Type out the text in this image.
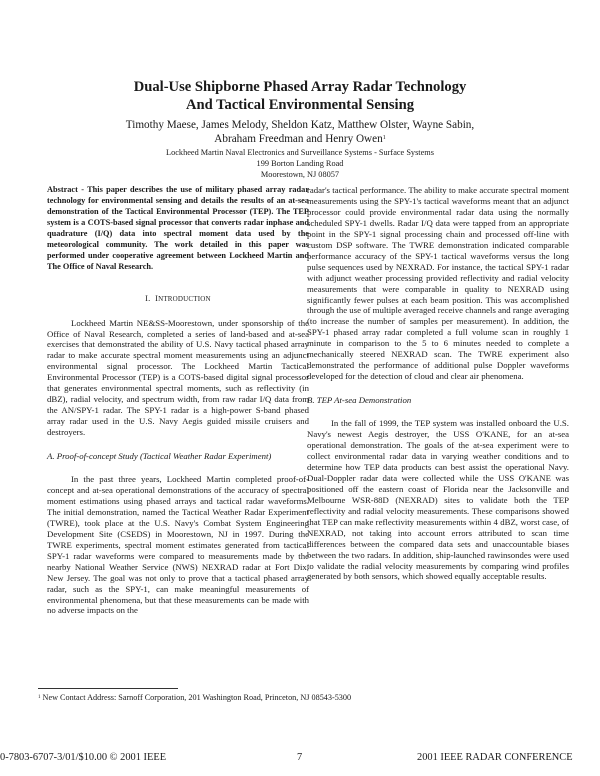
Dual-Use Shipborne Phased Array Radar Technology
And Tactical Environmental Sensing
Timothy Maese, James Melody, Sheldon Katz, Matthew Olster, Wayne Sabin,
Abraham Freedman and Henry Owen$^1$
Lockheed Martin Naval Electronics and Surveillance Systems - Surface Systems
199 Borton Landing Road
Moorestown, NJ 08057

Abstract - This paper describes the use of military phased array radar technology for environmental sensing and details the results of an at-sea demonstration of the Tactical Environmental Processor (TEP). The TEP system is a COTS-based signal processor that converts radar inphase and quadrature (I/Q) data into spectral moment data used by the meteorological community. The work detailed in this paper was performed under cooperative agreement between Lockheed Martin and The Office of Naval Research.

I. INTRODUCTION

Lockheed Martin NE&SS-Moorestown, under sponsorship of the Office of Naval Research, completed a series of land-based and at-sea exercises that demonstrated the ability of U.S. Navy tactical phased array radar to make accurate spectral moment measurements using an adjunct environmental signal processor. The Lockheed Martin Tactical Environmental Processor (TEP) is a COTS-based digital signal processor that generates environmental spectral moments, such as reflectivity (in dBZ), radial velocity, and spectrum width, from raw radar I/Q data from the AN/SPY-1 radar. The SPY-1 radar is a high-power S-band phased array radar used in the U.S. Navy Aegis guided missile cruisers and destroyers.

A. Proof-of-concept Study (Tactical Weather Radar Experiment)

In the past three years, Lockheed Martin completed proof-of-concept and at-sea operational demonstrations of the accuracy of spectral moment estimations using phased arrays and tactical radar waveforms. The initial demonstration, named the Tactical Weather Radar Experiment (TWRE), took place at the U.S. Navy's Combat System Engineering Development Site (CSEDS) in Moorestown, NJ in 1997. During the TWRE experiments, spectral moment estimates generated from tactical SPY-1 radar waveforms were compared to measurements made by the nearby National Weather Service (NWS) NEXRAD radar at Fort Dix, New Jersey. The goal was not only to prove that a tactical phased array radar, such as the SPY-1, can make meaningful measurements of environmental phenomena, but that these measurements can be made with no adverse impacts on the

radar's tactical performance. The ability to make accurate spectral moment measurements using the SPY-1's tactical waveforms meant that an adjunct processor could provide environmental radar data using the normally scheduled SPY-1 dwells. Radar I/Q data were tapped from an appropriate point in the SPY-1 signal processing chain and processed off-line with custom DSP software. The TWRE demonstration indicated comparable performance accuracy of the SPY-1 tactical waveforms versus the long pulse sequences used by NEXRAD. For instance, the tactical SPY-1 radar with adjunct weather processing provided reflectivity and radial velocity measurements that were comparable in quality to NEXRAD using significantly fewer pulses at each beam position. This was accomplished through the use of multiple averaged receive channels and range averaging (to increase the number of samples per measurement). In addition, the SPY-1 phased array radar completed a full volume scan in roughly 1 minute in comparison to the 5 to 6 minutes needed to complete a mechanically steered NEXRAD scan. The TWRE experiment also demonstrated the performance of additional pulse Doppler waveforms developed for the detection of cloud and clear air phenomena.

B. TEP At-sea Demonstration

In the fall of 1999, the TEP system was installed onboard the U.S. Navy's newest Aegis destroyer, the USS O'KANE, for an at-sea operational demonstration. The goals of the at-sea experiment were to collect environmental radar data in varying weather conditions and to determine how TEP data products can best assist the operational Navy. Dual-Doppler radar data were collected while the USS O'KANE was positioned off the eastern coast of Florida near the Jacksonville and Melbourne WSR-88D (NEXRAD) sites to validate both the TEP reflectivity and radial velocity measurements. These comparisons showed that TEP can make reflectivity measurements within 4 dBZ, worst case, of NEXRAD, not taking into account errors attributed to scan time differences between the compared data sets and unaccountable biases between the two radars. In addition, ship-launched rawinsondes were used to validate the radial velocity measurements by comparing wind profiles generated by both sensors, which showed equally acceptable results.

$^1$ New Contact Address: Sarnoff Corporation, 201 Washington Road, Princeton, NJ 08543-5300
0-7803-6707-3/01/$10.00 © 2001 IEEE	7	2001 IEEE RADAR CONFERENCE
